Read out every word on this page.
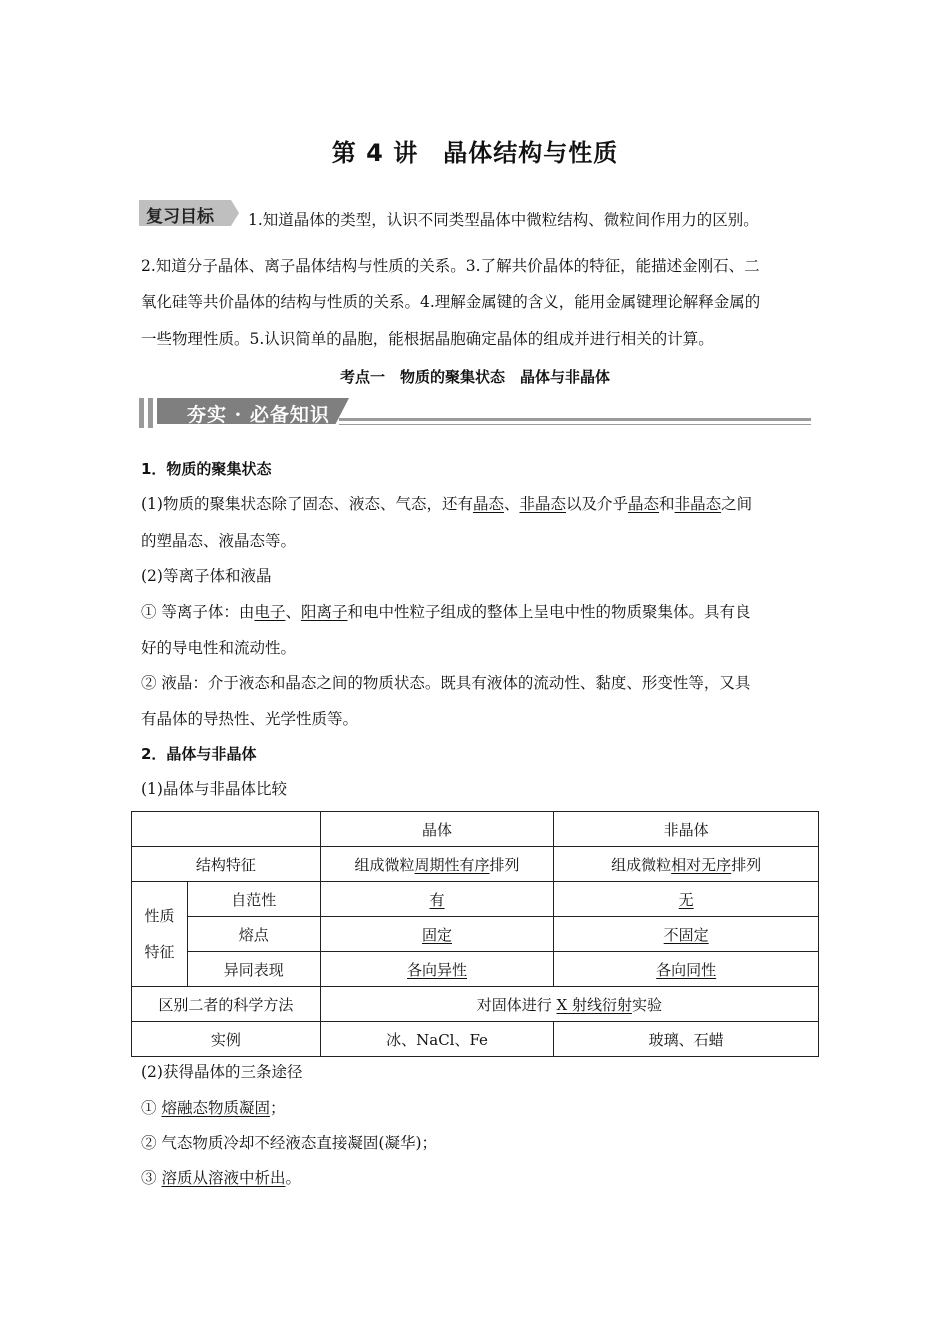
第 4 讲　晶体结构与性质
复习目标 1.知道晶体的类型，认识不同类型晶体中微粒结构、微粒间作用力的区别。
2.知道分子晶体、离子晶体结构与性质的关系。3.了解共价晶体的特征，能描述金刚石、二
氧化硅等共价晶体的结构与性质的关系。4.理解金属键的含义，能用金属键理论解释金属的
一些物理性质。5.认识简单的晶胞，能根据晶胞确定晶体的组成并进行相关的计算。
考点一　物质的聚集状态　晶体与非晶体
夯实 · 必备知识
1．物质的聚集状态
(1)物质的聚集状态除了固态、液态、气态，还有晶态、非晶态以及介乎晶态和非晶态之间
的塑晶态、液晶态等。
(2)等离子体和液晶
① 等离子体：由电子、阳离子和电中性粒子组成的整体上呈电中性的物质聚集体。具有良
好的导电性和流动性。
② 液晶：介于液态和晶态之间的物质状态。既具有液体的流动性、黏度、形变性等，又具
有晶体的导热性、光学性质等。
2．晶体与非晶体
(1)晶体与非晶体比较
		晶体	非晶体
结构特征		组成微粒周期性有序排列	组成微粒相对无序排列

性质
特征	自范性	有	无
	熔点	固定	不固定
	异同表现	各向异性	各向同性
区别二者的科学方法		对固体进行 X 射线衍射实验	
实例		冰、NaCl、Fe	玻璃、石蜡
(2)获得晶体的三条途径
① 熔融态物质凝固；
② 气态物质冷却不经液态直接凝固(凝华)；
③ 溶质从溶液中析出。
